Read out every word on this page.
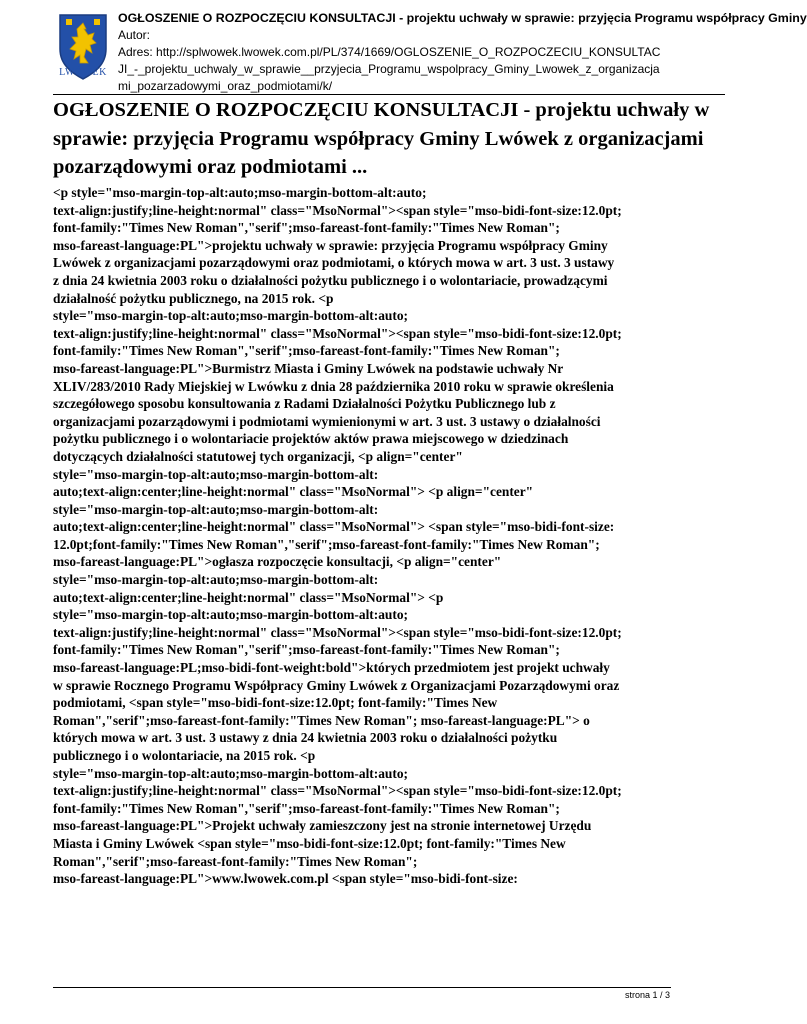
LWÓWEK
OGŁOSZENIE O ROZPOCZĘCIU KONSULTACJI - projektu uchwały w sprawie: przyjęcia Programu współpracy Gminy
Autor:
Adres: http://splwowek.lwowek.com.pl/PL/374/1669/OGLOSZENIE_O_ROZPOCZECIU_KONSULTAC
JI_-_projektu_uchwaly_w_sprawie__przyjecia_Programu_wspolpracy_Gminy_Lwowek_z_organizacja
mi_pozarzadowymi_oraz_podmiotami/k/
OGŁOSZENIE O ROZPOCZĘCIU KONSULTACJI - projektu uchwały w sprawie: przyjęcia Programu współpracy Gminy Lwówek z organizacjami pozarządowymi oraz podmiotami ...
<p style="mso-margin-top-alt:auto;mso-margin-bottom-alt:auto;
text-align:justify;line-height:normal" class="MsoNormal"><span style="mso-bidi-font-size:12.0pt;
font-family:"Times New Roman","serif";mso-fareast-font-family:"Times New Roman";
mso-fareast-language:PL">projektu uchwały w sprawie: przyjęcia Programu współpracy Gminy
Lwówek z organizacjami pozarządowymi oraz podmiotami, o których mowa w art. 3 ust. 3 ustawy
z dnia 24 kwietnia 2003 roku o działalności pożytku publicznego i o wolontariacie, prowadzącymi
działalność pożytku publicznego, na 2015 rok. <p
style="mso-margin-top-alt:auto;mso-margin-bottom-alt:auto;
text-align:justify;line-height:normal" class="MsoNormal"><span style="mso-bidi-font-size:12.0pt;
font-family:"Times New Roman","serif";mso-fareast-font-family:"Times New Roman";
mso-fareast-language:PL">Burmistrz Miasta i Gminy Lwówek na podstawie uchwały Nr
XLIV/283/2010 Rady Miejskiej w Lwówku z dnia 28 października 2010 roku w sprawie określenia
szczegółowego sposobu konsultowania z Radami Działalności Pożytku Publicznego lub z
organizacjami pozarządowymi i podmiotami wymienionymi w art. 3 ust. 3 ustawy o działalności
pożytku publicznego i o wolontariacie projektów aktów prawa miejscowego w dziedzinach
dotyczących działalności statutowej tych organizacji, <p align="center"
style="mso-margin-top-alt:auto;mso-margin-bottom-alt:
auto;text-align:center;line-height:normal" class="MsoNormal"> <p align="center"
style="mso-margin-top-alt:auto;mso-margin-bottom-alt:
auto;text-align:center;line-height:normal" class="MsoNormal"> <span style="mso-bidi-font-size:
12.0pt;font-family:"Times New Roman","serif";mso-fareast-font-family:"Times New Roman";
mso-fareast-language:PL">ogłasza rozpoczęcie konsultacji, <p align="center"
style="mso-margin-top-alt:auto;mso-margin-bottom-alt:
auto;text-align:center;line-height:normal" class="MsoNormal"> <p
style="mso-margin-top-alt:auto;mso-margin-bottom-alt:auto;
text-align:justify;line-height:normal" class="MsoNormal"><span style="mso-bidi-font-size:12.0pt;
font-family:"Times New Roman","serif";mso-fareast-font-family:"Times New Roman";
mso-fareast-language:PL;mso-bidi-font-weight:bold">których przedmiotem jest projekt uchwały
w sprawie Rocznego Programu Współpracy Gminy Lwówek z Organizacjami Pozarządowymi oraz
podmiotami, <span style="mso-bidi-font-size:12.0pt; font-family:"Times New
Roman","serif";mso-fareast-font-family:"Times New Roman"; mso-fareast-language:PL"> o
których mowa w art. 3 ust. 3 ustawy z dnia 24 kwietnia 2003 roku o działalności pożytku
publicznego i o wolontariacie, na 2015 rok. <p
style="mso-margin-top-alt:auto;mso-margin-bottom-alt:auto;
text-align:justify;line-height:normal" class="MsoNormal"><span style="mso-bidi-font-size:12.0pt;
font-family:"Times New Roman","serif";mso-fareast-font-family:"Times New Roman";
mso-fareast-language:PL">Projekt uchwały zamieszczony jest na stronie internetowej Urzędu
Miasta i Gminy Lwówek <span style="mso-bidi-font-size:12.0pt; font-family:"Times New
Roman","serif";mso-fareast-font-family:"Times New Roman";
mso-fareast-language:PL">www.lwowek.com.pl <span style="mso-bidi-font-size:
strona 1 / 3
